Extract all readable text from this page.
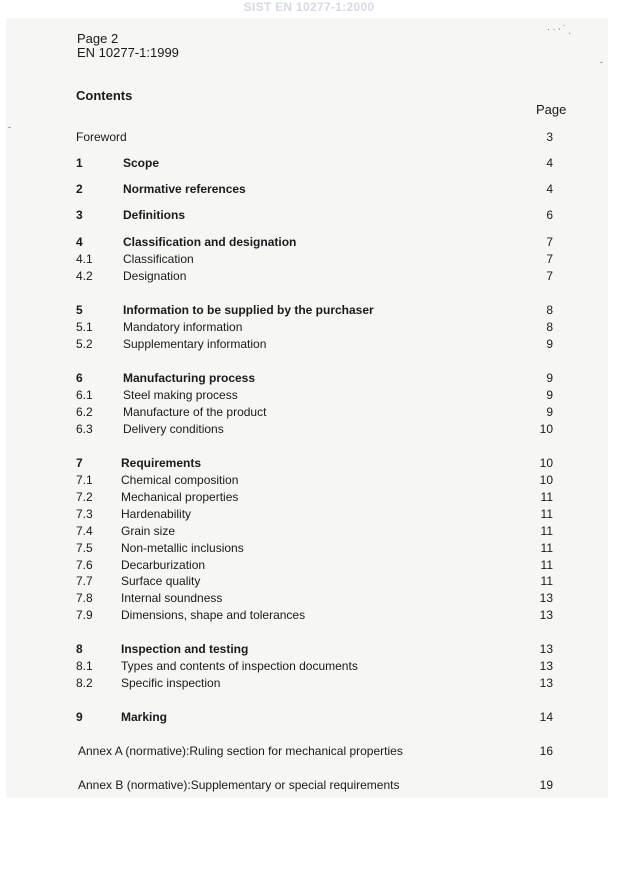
SIST EN 10277-1:2000
· · ⸱ ˙ ˎ
-
-
Page 2
EN 10277-1:1999
Contents
Page
Foreword	3
1	Scope	4
2	Normative references	4
3	Definitions	6
4	Classification and designation	7
4.1	Classification	7
4.2	Designation	7
5	Information to be supplied by the purchaser	8
5.1	Mandatory information	8
5.2	Supplementary information	9
6	Manufacturing process	9
6.1	Steel making process	9
6.2	Manufacture of the product	9
6.3	Delivery conditions	10
7	Requirements	10
7.1 Chemical composition	10
7.2 Mechanical properties	11
7.3 Hardenability	11
7.4 Grain size	11
7.5 Non-metallic inclusions	11
7.6 Decarburization	11
7.7 Surface quality	11
7.8 Internal soundness	13
7.9 Dimensions, shape and tolerances	13
8	Inspection and testing	13
8.1 Types and contents of inspection documents	13
8.2 Specific inspection	13
9	Marking	14
Annex A (normative):Ruling section for mechanical properties	16
Annex B (normative):Supplementary or special requirements	19
